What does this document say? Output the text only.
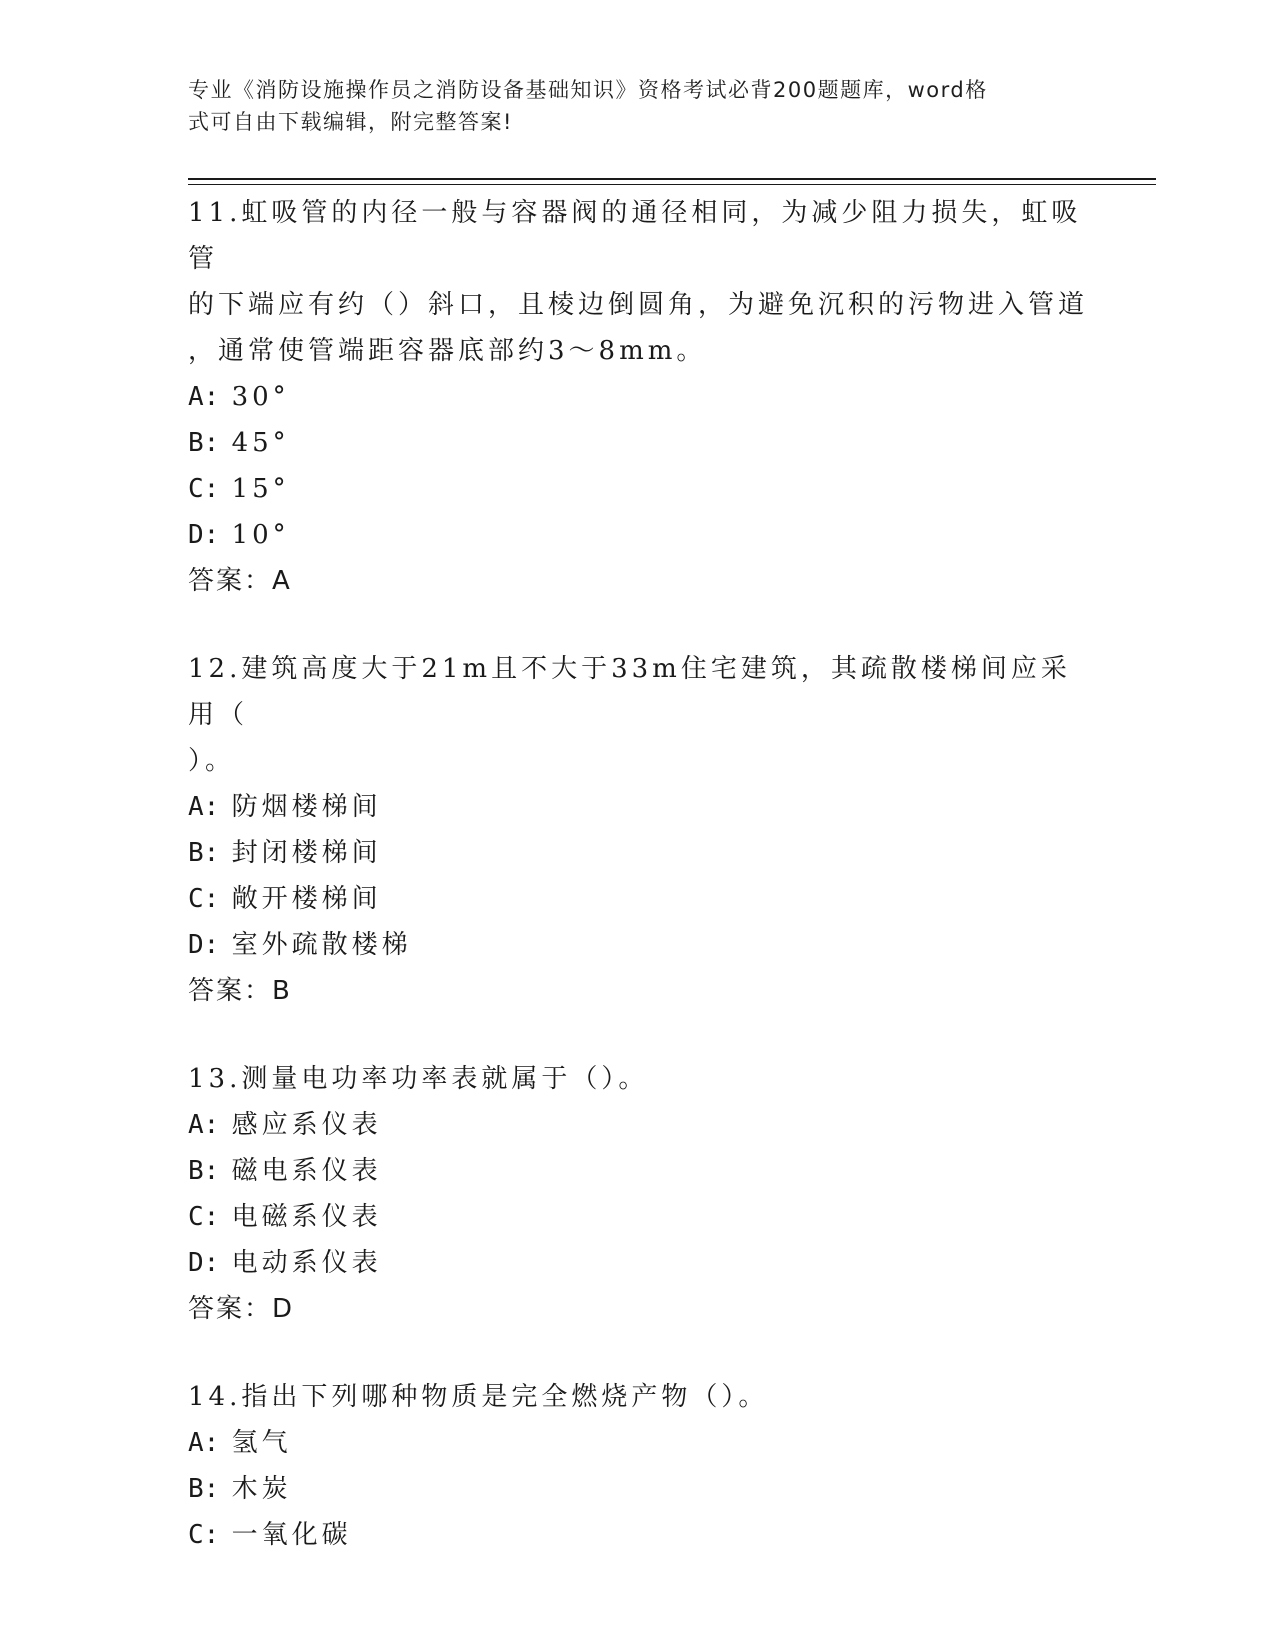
专业《消防设施操作员之消防设备基础知识》资格考试必背200题题库，word格
式可自由下载编辑，附完整答案!

11.虹吸管的内径一般与容器阀的通径相同，为减少阻力损失，虹吸管

的下端应有约（）斜口，且棱边倒圆角，为避免沉积的污物进入管道

，通常使管端距容器底部约3～8mm。

A: 30°

B: 45°

C: 15°

D: 10°

答案：A

12.建筑高度大于21m且不大于33m住宅建筑，其疏散楼梯间应采用（

）。

A: 防烟楼梯间

B: 封闭楼梯间

C: 敞开楼梯间

D: 室外疏散楼梯

答案：B

13.测量电功率功率表就属于（）。

A: 感应系仪表

B: 磁电系仪表

C: 电磁系仪表

D: 电动系仪表

答案：D

14.指出下列哪种物质是完全燃烧产物（）。

A: 氢气

B: 木炭

C: 一氧化碳
